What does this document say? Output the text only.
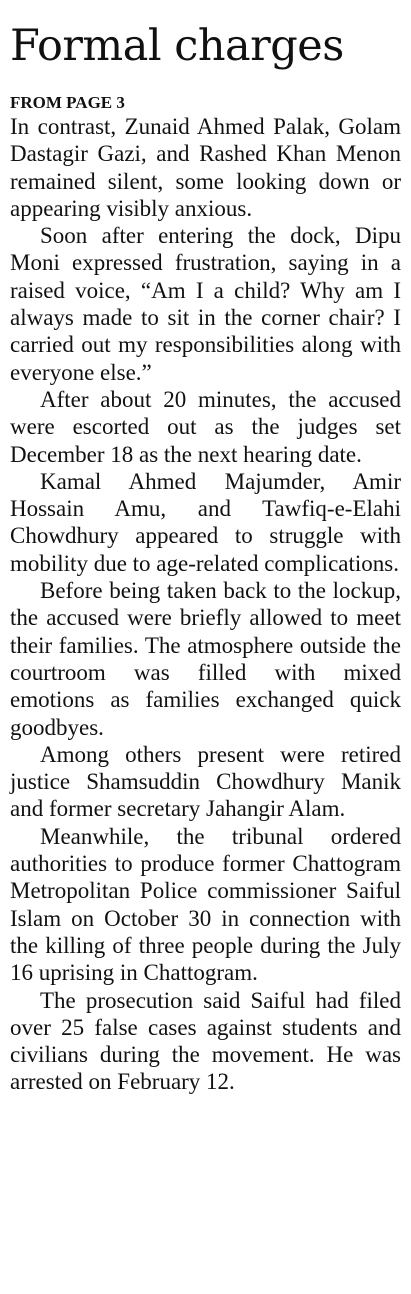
Formal charges
FROM PAGE 3

In contrast, Zunaid Ahmed Palak, Golam Dastagir Gazi, and Rashed Khan Menon remained silent, some looking down or appearing visibly anxious.

Soon after entering the dock, Dipu Moni expressed frustration, saying in a raised voice, “Am I a child? Why am I always made to sit in the corner chair? I carried out my responsibilities along with everyone else.”

After about 20 minutes, the accused were escorted out as the judges set December 18 as the next hearing date.

Kamal Ahmed Majumder, Amir Hossain Amu, and Tawfiq-e-Elahi Chowdhury appeared to struggle with mobility due to age-related complications.

Before being taken back to the lockup, the accused were briefly allowed to meet their families. The atmosphere outside the courtroom was filled with mixed emotions as families exchanged quick goodbyes.

Among others present were retired justice Shamsuddin Chowdhury Manik and former secretary Jahangir Alam.

Meanwhile, the tribunal ordered authorities to produce former Chattogram Metropolitan Police commissioner Saiful Islam on October 30 in connection with the killing of three people during the July 16 uprising in Chattogram.

The prosecution said Saiful had filed over 25 false cases against students and civilians during the movement. He was arrested on February 12.
